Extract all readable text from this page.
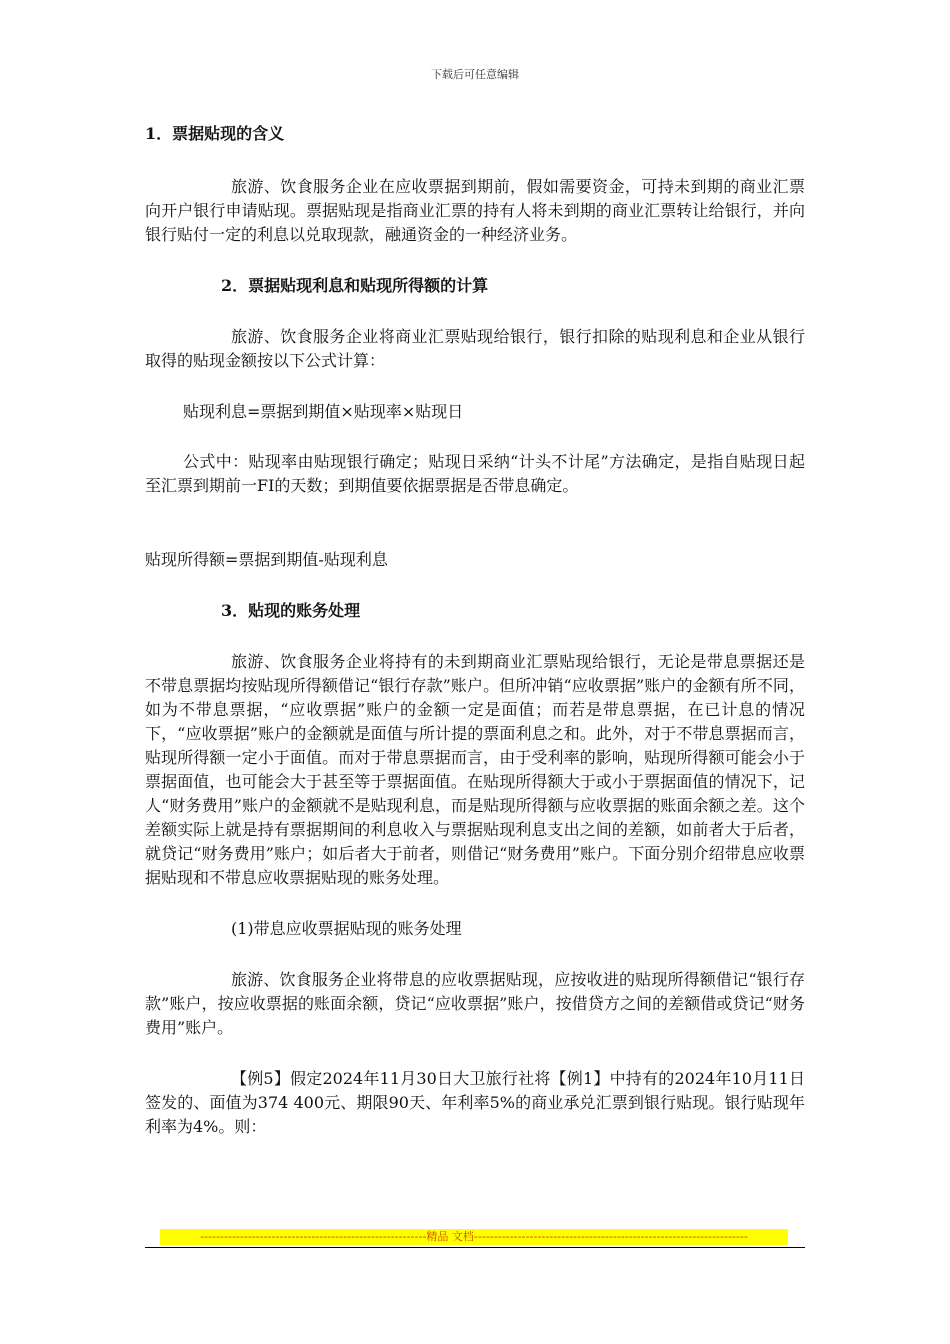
下载后可任意编辑

1．票据贴现的含义

旅游、饮食服务企业在应收票据到期前，假如需要资金，可持未到期的商业汇票向开户银行申请贴现。票据贴现是指商业汇票的持有人将未到期的商业汇票转让给银行，并向银行贴付一定的利息以兑取现款，融通资金的一种经济业务。

2．票据贴现利息和贴现所得额的计算

旅游、饮食服务企业将商业汇票贴现给银行，银行扣除的贴现利息和企业从银行取得的贴现金额按以下公式计算：

贴现利息=票据到期值×贴现率×贴现日

公式中：贴现率由贴现银行确定；贴现日采纳“计头不计尾”方法确定，是指自贴现日起至汇票到期前一FI的天数；到期值要依据票据是否带息确定。

贴现所得额=票据到期值-贴现利息

3．贴现的账务处理

旅游、饮食服务企业将持有的未到期商业汇票贴现给银行，无论是带息票据还是不带息票据均按贴现所得额借记“银行存款”账户。但所冲销“应收票据”账户的金额有所不同，如为不带息票据，“应收票据”账户的金额一定是面值；而若是带息票据，在已计息的情况下，“应收票据”账户的金额就是面值与所计提的票面利息之和。此外，对于不带息票据而言，贴现所得额一定小于面值。而对于带息票据而言，由于受利率的影响，贴现所得额可能会小于票据面值，也可能会大于甚至等于票据面值。在贴现所得额大于或小于票据面值的情况下，记人“财务费用”账户的金额就不是贴现利息，而是贴现所得额与应收票据的账面余额之差。这个差额实际上就是持有票据期间的利息收入与票据贴现利息支出之间的差额，如前者大于后者，就贷记“财务费用”账户；如后者大于前者，则借记“财务费用”账户。下面分别介绍带息应收票据贴现和不带息应收票据贴现的账务处理。

(1)带息应收票据贴现的账务处理

旅游、饮食服务企业将带息的应收票据贴现，应按收进的贴现所得额借记“银行存款”账户，按应收票据的账面余额，贷记“应收票据”账户，按借贷方之间的差额借或贷记“财务费用”账户。

【例5】假定2024年11月30日大卫旅行社将【例1】中持有的2024年10月11日签发的、面值为374 400元、期限90天、年利率5%的商业承兑汇票到银行贴现。银行贴现年利率为4%。则：

---------------------------------------------------------精品 文档---------------------------------------------------------------------
